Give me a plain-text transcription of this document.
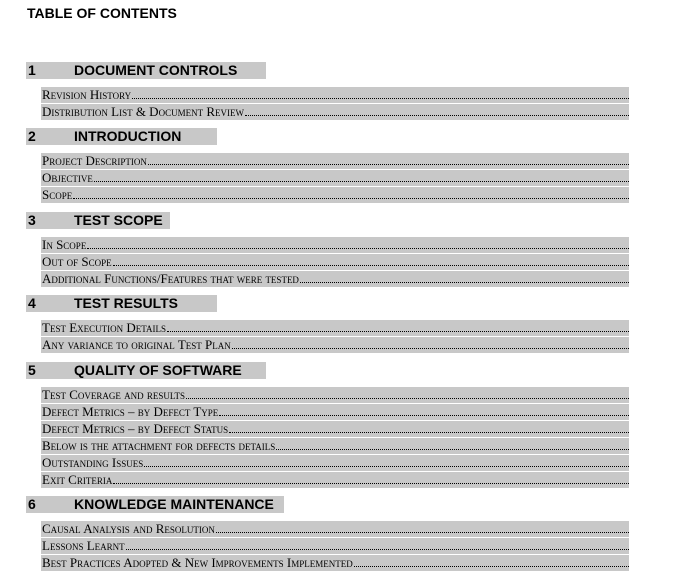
TABLE OF CONTENTS
1	DOCUMENT CONTROLS
Revision History
Distribution List & Document Review
2	INTRODUCTION
Project Description
Objective
Scope
3	TEST SCOPE
In Scope
Out of Scope
Additional Functions/Features that were tested
4	TEST RESULTS
Test Execution Details
Any variance to original Test Plan
5	QUALITY OF SOFTWARE
Test Coverage and results
Defect Metrics – by Defect Type
Defect Metrics – by Defect Status
Below is the attachment for defects details
Outstanding Issues
Exit Criteria
6	KNOWLEDGE MAINTENANCE
Causal Analysis and Resolution
Lessons Learnt
Best Practices Adopted & New Improvements Implemented
